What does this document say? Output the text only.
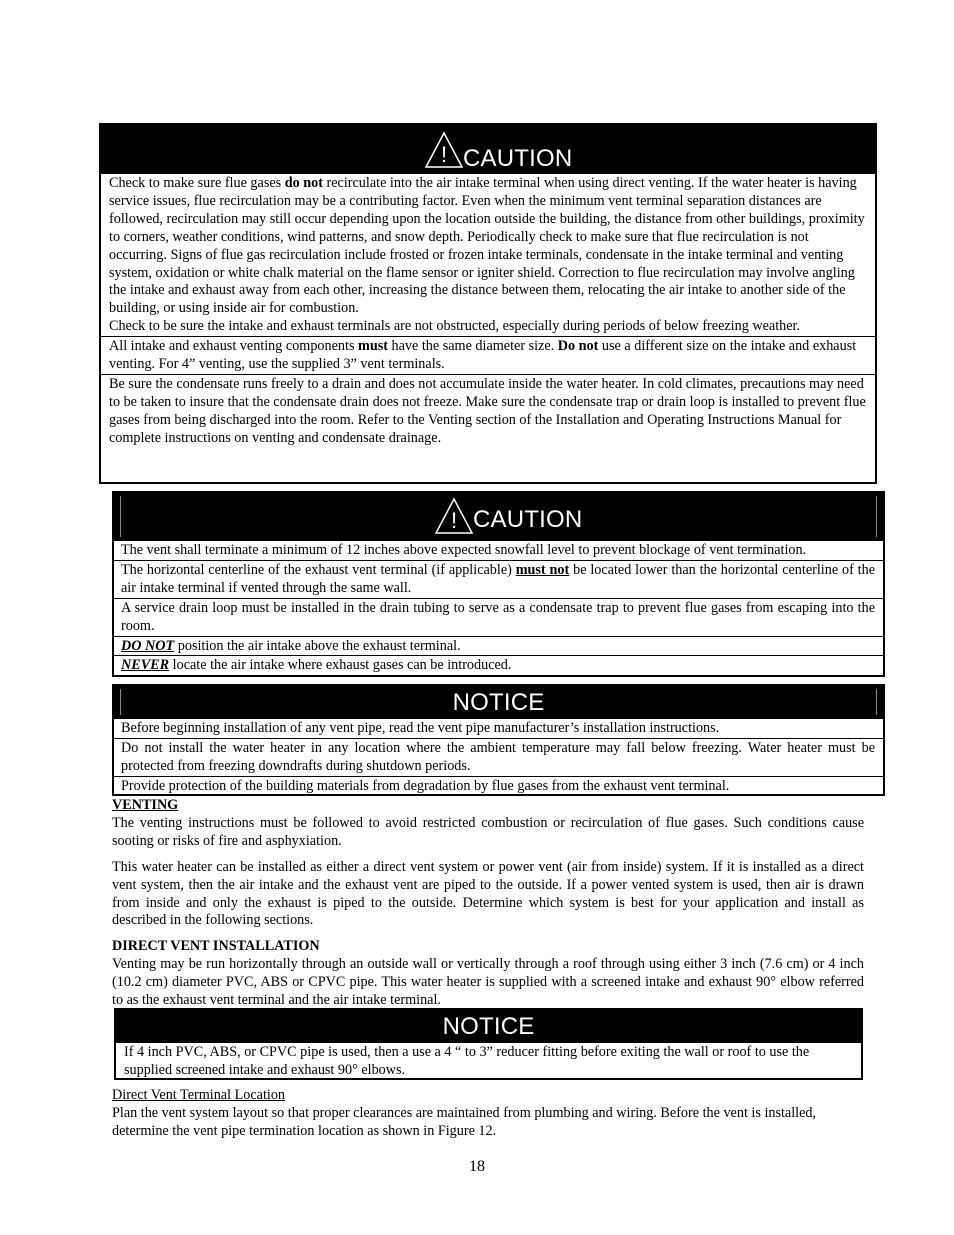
! CAUTION

Check to make sure flue gases do not recirculate into the air intake terminal when using direct venting. If the water heater is having service issues, flue recirculation may be a contributing factor. Even when the minimum vent terminal separation distances are followed, recirculation may still occur depending upon the location outside the building, the distance from other buildings, proximity to corners, weather conditions, wind patterns, and snow depth. Periodically check to make sure that flue recirculation is not occurring. Signs of flue gas recirculation include frosted or frozen intake terminals, condensate in the intake terminal and venting system, oxidation or white chalk material on the flame sensor or igniter shield. Correction to flue recirculation may involve angling the intake and exhaust away from each other, increasing the distance between them, relocating the air intake to another side of the building, or using inside air for combustion.

Check to be sure the intake and exhaust terminals are not obstructed, especially during periods of below freezing weather.

All intake and exhaust venting components must have the same diameter size. Do not use a different size on the intake and exhaust venting. For 4” venting, use the supplied 3” vent terminals.
Be sure the condensate runs freely to a drain and does not accumulate inside the water heater. In cold climates, precautions may need to be taken to insure that the condensate drain does not freeze. Make sure the condensate trap or drain loop is installed to prevent flue gases from being discharged into the room. Refer to the Venting section of the Installation and Operating Instructions Manual for complete instructions on venting and condensate drainage.
! CAUTION
The vent shall terminate a minimum of 12 inches above expected snowfall level to prevent blockage of vent termination.
The horizontal centerline of the exhaust vent terminal (if applicable) must not be located lower than the horizontal centerline of the air intake terminal if vented through the same wall.
A service drain loop must be installed in the drain tubing to serve as a condensate trap to prevent flue gases from escaping into the room.
DO NOT position the air intake above the exhaust terminal.
NEVER locate the air intake where exhaust gases can be introduced.
NOTICE
Before beginning installation of any vent pipe, read the vent pipe manufacturer’s installation instructions.
Do not install the water heater in any location where the ambient temperature may fall below freezing. Water heater must be protected from freezing downdrafts during shutdown periods.
Provide protection of the building materials from degradation by flue gases from the exhaust vent terminal.

VENTING

The venting instructions must be followed to avoid restricted combustion or recirculation of flue gases. Such conditions cause sooting or risks of fire and asphyxiation.

This water heater can be installed as either a direct vent system or power vent (air from inside) system. If it is installed as a direct vent system, then the air intake and the exhaust vent are piped to the outside. If a power vented system is used, then air is drawn from inside and only the exhaust is piped to the outside. Determine which system is best for your application and install as described in the following sections.

DIRECT VENT INSTALLATION

Venting may be run horizontally through an outside wall or vertically through a roof through using either 3 inch (7.6 cm) or 4 inch (10.2 cm) diameter PVC, ABS or CPVC pipe. This water heater is supplied with a screened intake and exhaust 90° elbow referred to as the exhaust vent terminal and the air intake terminal.

NOTICE
If 4 inch PVC, ABS, or CPVC pipe is used, then a use a 4 “ to 3” reducer fitting before exiting the wall or roof to use the supplied screened intake and exhaust 90° elbows.

Direct Vent Terminal Location

Plan the vent system layout so that proper clearances are maintained from plumbing and wiring. Before the vent is installed, determine the vent pipe termination location as shown in Figure 12.

18
